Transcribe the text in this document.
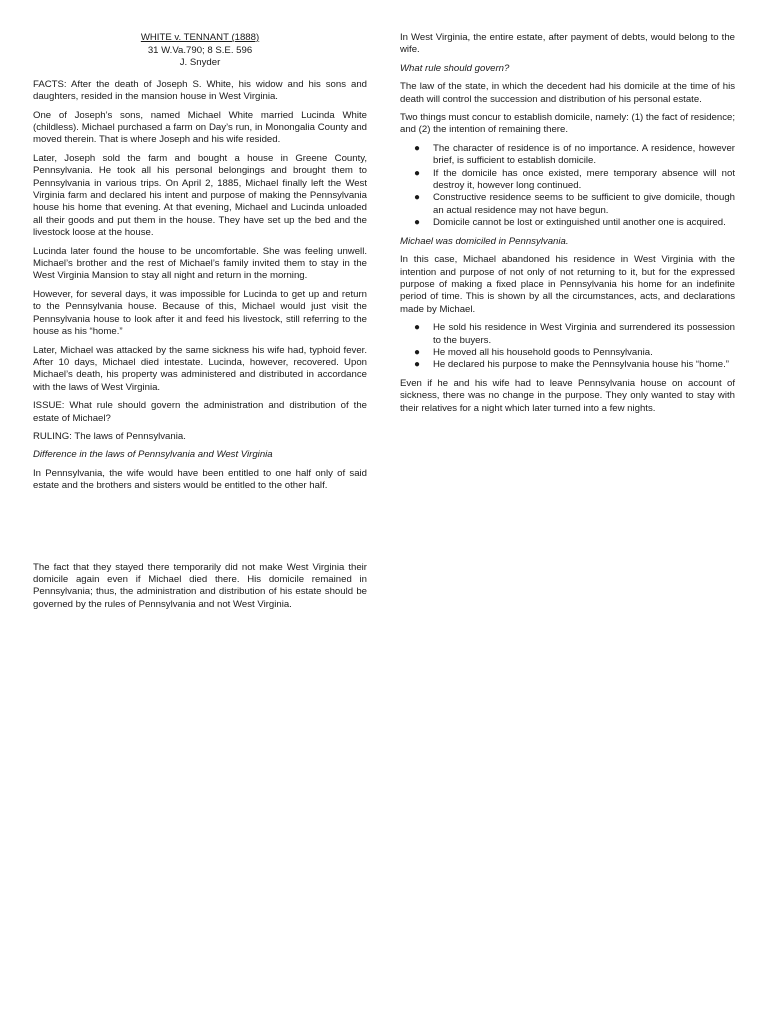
WHITE v. TENNANT (1888)
31 W.Va.790; 8 S.E. 596
J. Snyder

FACTS: After the death of Joseph S. White, his widow and his sons and daughters, resided in the mansion house in West Virginia.

One of Joseph’s sons, named Michael White married Lucinda White (childless). Michael purchased a farm on Day’s run, in Monongalia County and moved therein. That is where Joseph and his wife resided.

Later, Joseph sold the farm and bought a house in Greene County, Pennsylvania. He took all his personal belongings and brought them to Pennsylvania in various trips. On April 2, 1885, Michael finally left the West Virginia farm and declared his intent and purpose of making the Pennsylvania house his home that evening. At that evening, Michael and Lucinda unloaded all their goods and put them in the house. They have set up the bed and the livestock loose at the house.

Lucinda later found the house to be uncomfortable. She was feeling unwell. Michael’s brother and the rest of Michael’s family invited them to stay in the West Virginia Mansion to stay all night and return in the morning.

However, for several days, it was impossible for Lucinda to get up and return to the Pennsylvania house. Because of this, Michael would just visit the Pennsylvania house to look after it and feed his livestock, still referring to the house as his “home.”

Later, Michael was attacked by the same sickness his wife had, typhoid fever. After 10 days, Michael died intestate. Lucinda, however, recovered. Upon Michael’s death, his property was administered and distributed in accordance with the laws of West Virginia.

ISSUE: What rule should govern the administration and distribution of the estate of Michael?

RULING: The laws of Pennsylvania.

Difference in the laws of Pennsylvania and West Virginia

In Pennsylvania, the wife would have been entitled to one half only of said estate and the brothers and sisters would be entitled to the other half.

The fact that they stayed there temporarily did not make West Virginia their domicile again even if Michael died there. His domicile remained in Pennsylvania; thus, the administration and distribution of his estate should be governed by the rules of Pennsylvania and not West Virginia.

In West Virginia, the entire estate, after payment of debts, would belong to the wife.

What rule should govern?

The law of the state, in which the decedent had his domicile at the time of his death will control the succession and distribution of his personal estate.

Two things must concur to establish domicile, namely: (1) the fact of residence; and (2) the intention of remaining there.

● The character of residence is of no importance. A residence, however brief, is sufficient to establish domicile.
● If the domicile has once existed, mere temporary absence will not destroy it, however long continued.
● Constructive residence seems to be sufficient to give domicile, though an actual residence may not have begun.
● Domicile cannot be lost or extinguished until another one is acquired.

Michael was domiciled in Pennsylvania.

In this case, Michael abandoned his residence in West Virginia with the intention and purpose of not only of not returning to it, but for the expressed purpose of making a fixed place in Pennsylvania his home for an indefinite period of time. This is shown by all the circumstances, acts, and declarations made by Michael.

● He sold his residence in West Virginia and surrendered its possession to the buyers.
● He moved all his household goods to Pennsylvania.
● He declared his purpose to make the Pennsylvania house his “home.”

Even if he and his wife had to leave Pennsylvania house on account of sickness, there was no change in the purpose. They only wanted to stay with their relatives for a night which later turned into a few nights.
